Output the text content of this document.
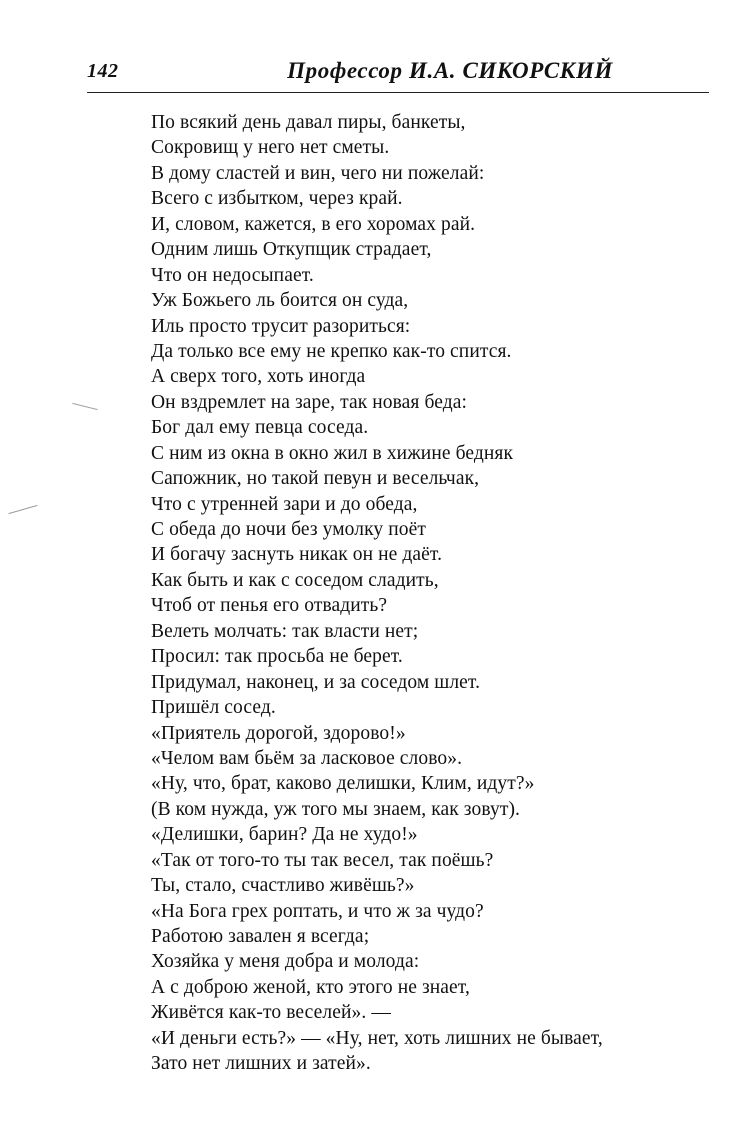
142	Профессор И.А. СИКОРСКИЙ
По всякий день давал пиры, банкеты,
Сокровищ у него нет сметы.
В дому сластей и вин, чего ни пожелай:
Всего с избытком, через край.
И, словом, кажется, в его хоромах рай.
Одним лишь Откупщик страдает,
Что он недосыпает.
Уж Божьего ль боится он суда,
Иль просто трусит разориться:
Да только все ему не крепко как-то спится.
А сверх того, хоть иногда
Он вздремлет на заре, так новая беда:
Бог дал ему певца соседа.
С ним из окна в окно жил в хижине бедняк
Сапожник, но такой певун и весельчак,
Что с утренней зари и до обеда,
С обеда до ночи без умолку поёт
И богачу заснуть никак он не даёт.
Как быть и как с соседом сладить,
Чтоб от пенья его отвадить?
Велеть молчать: так власти нет;
Просил: так просьба не берет.
Придумал, наконец, и за соседом шлет.
Пришёл сосед.
«Приятель дорогой, здорово!»
«Челом вам бьём за ласковое слово».
«Ну, что, брат, каково делишки, Клим, идут?»
(В ком нужда, уж того мы знаем, как зовут).
«Делишки, барин? Да не худо!»
«Так от того-то ты так весел, так поёшь?
Ты, стало, счастливо живёшь?»
«На Бога грех роптать, и что ж за чудо?
Работою завален я всегда;
Хозяйка у меня добра и молода:
А с доброю женой, кто этого не знает,
Живётся как-то веселей». —
«И деньги есть?» — «Ну, нет, хоть лишних не бывает,
Зато нет лишних и затей».
